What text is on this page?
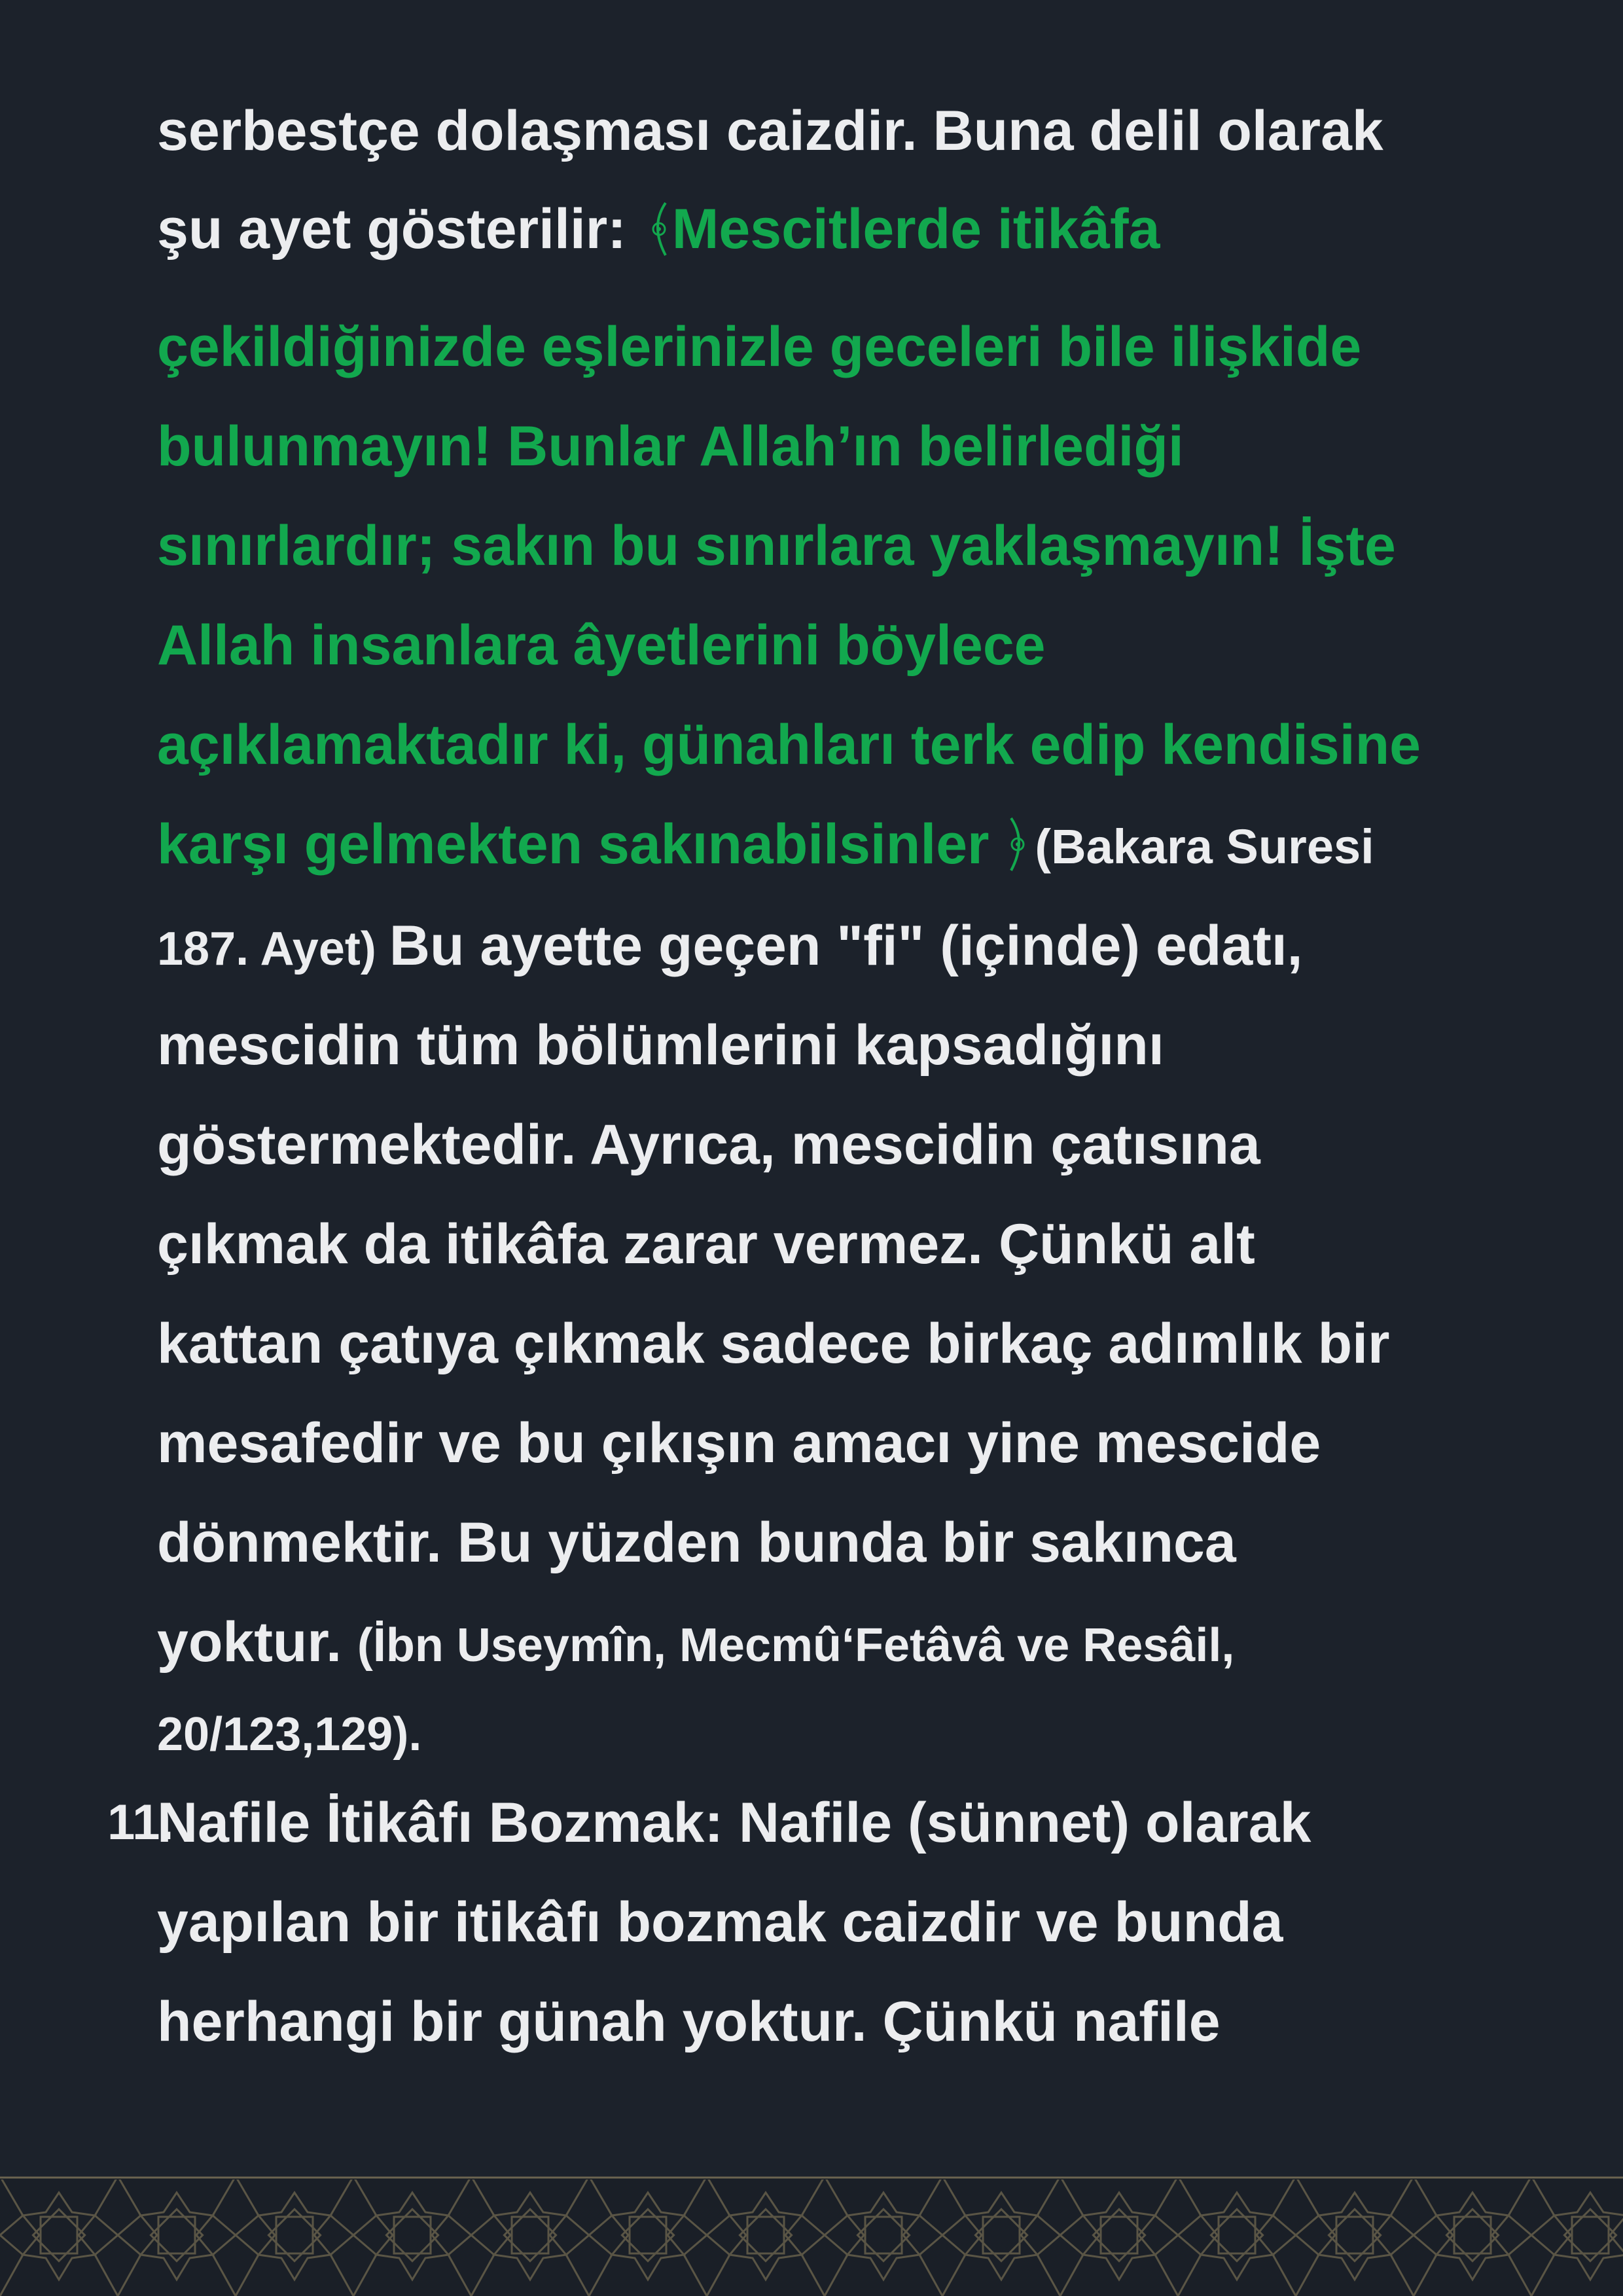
serbestçe dolaşması caizdir. Buna delil olarak
şu ayet gösterilir:
Mescitlerde itikâfa
çekildiğinizde eşlerinizle geceleri bile ilişkide
bulunmayın! Bunlar Allah’ın belirlediği
sınırlardır; sakın bu sınırlara yaklaşmayın! İşte
Allah insanlara âyetlerini böylece
açıklamaktadır ki, günahları terk edip kendisine
karşı gelmekten sakınabilsinler
(Bakara Suresi
187. Ayet) Bu ayette geçen "fi" (içinde) edatı,
mescidin tüm bölümlerini kapsadığını
göstermektedir. Ayrıca, mescidin çatısına
çıkmak da itikâfa zarar vermez. Çünkü alt
kattan çatıya çıkmak sadece birkaç adımlık bir
mesafedir ve bu çıkışın amacı yine mescide
dönmektir. Bu yüzden bunda bir sakınca
yoktur. (İbn Useymîn, Mecmû‘Fetâvâ ve Resâil,
20/123,129).
11.
Nafile İtikâfı Bozmak: Nafile (sünnet) olarak
yapılan bir itikâfı bozmak caizdir ve bunda
herhangi bir günah yoktur. Çünkü nafile
